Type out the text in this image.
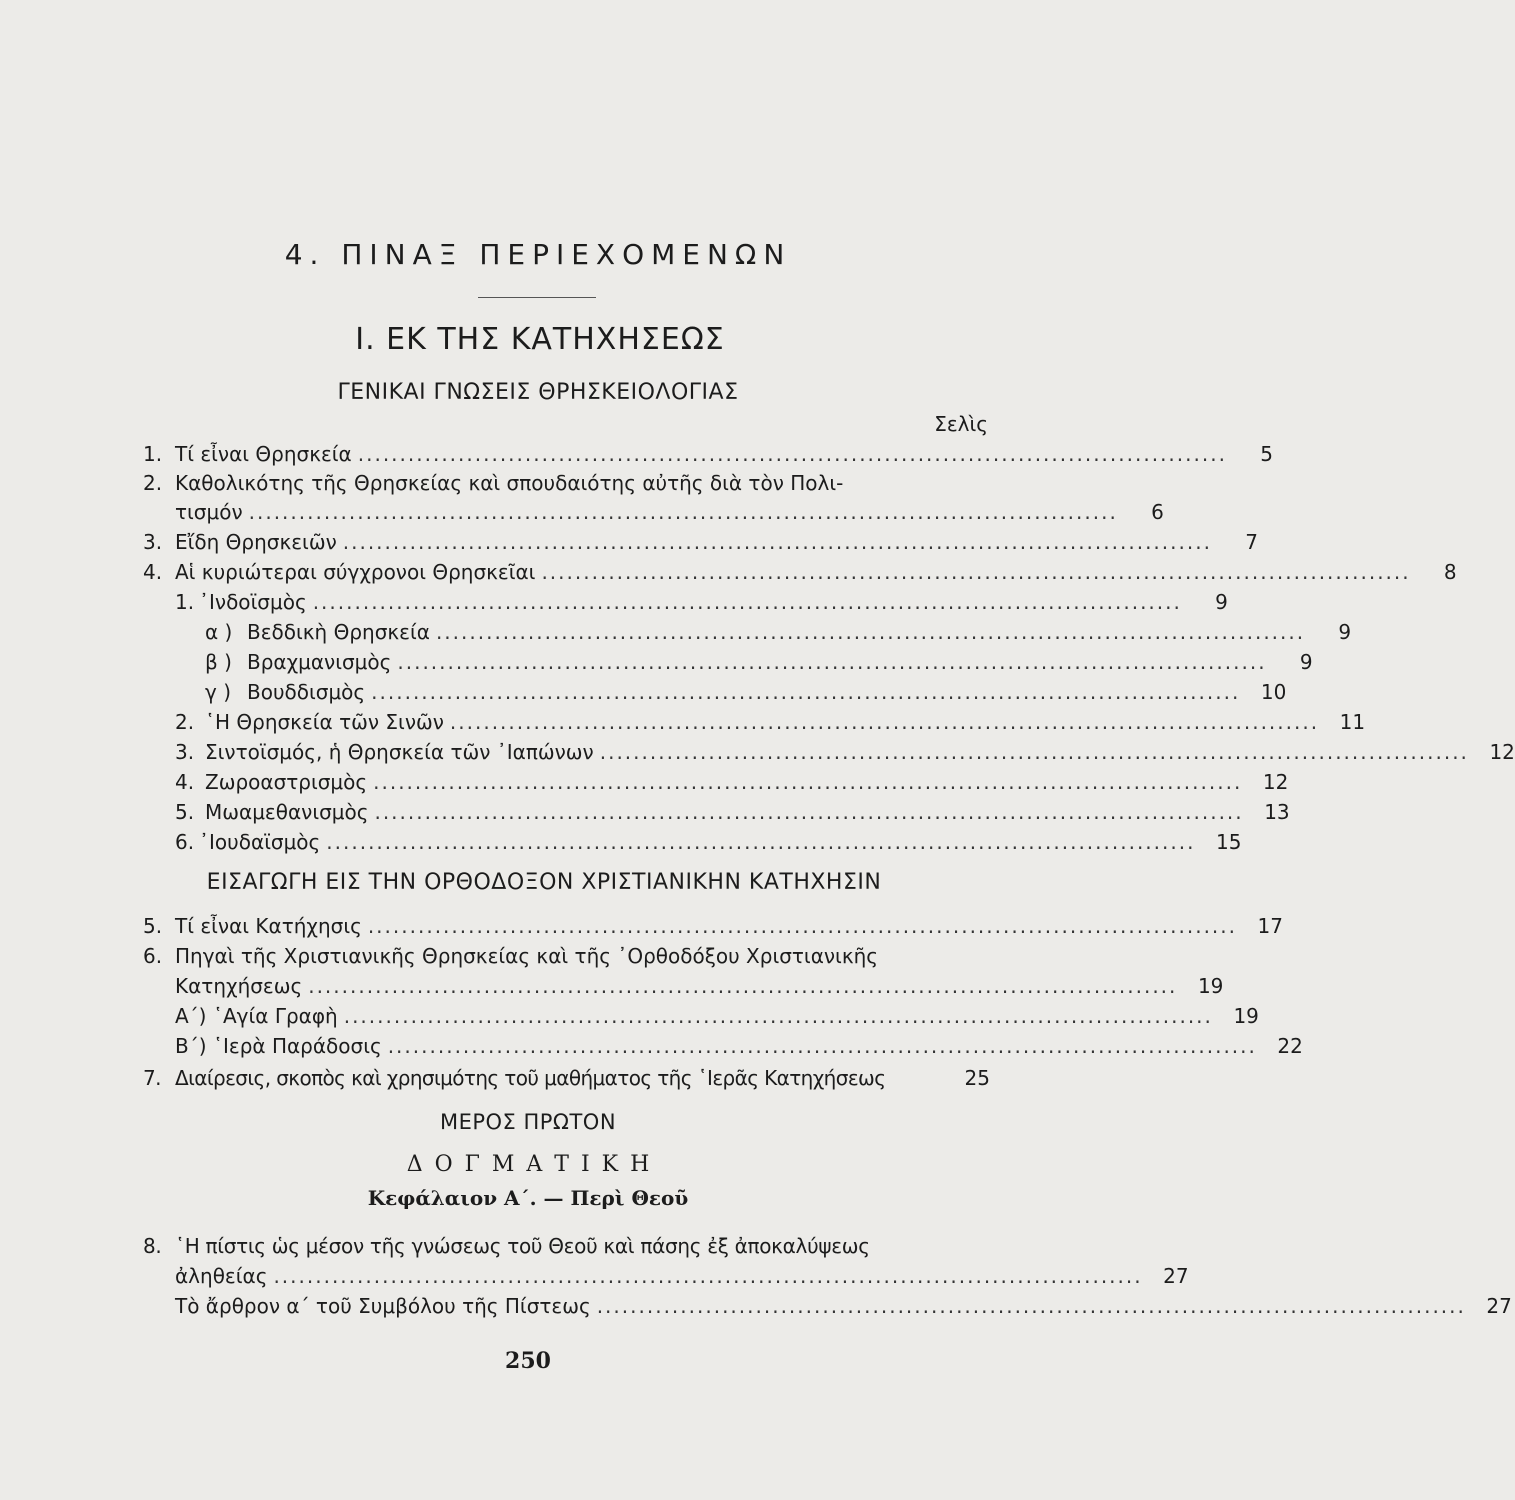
4. ΠΙΝΑΞ ΠΕΡΙΕΧΟΜΕΝΩΝ
Ι. ΕΚ ΤΗΣ ΚΑΤΗΧΗΣΕΩΣ
ΓΕΝΙΚΑΙ ΓΝΩΣΕΙΣ ΘΡΗΣΚΕΙΟΛΟΓΙΑΣ
Σελὶς
1. Τί εἶναι Θρησκεία ........................................................................................................	5
2. Καθολικότης τῆς Θρησκείας καὶ σπουδαιότης αὐτῆς διὰ τὸν Πολι-
τισμόν ........................................................................................................	6
3. Εἴδη Θρησκειῶν ........................................................................................................	7
4. Αἱ κυριώτεραι σύγχρονοι Θρησκεῖαι ........................................................................................................	8
1. ᾿Ινδοϊσμὸς ........................................................................................................	9
α ) Βεδδικὴ Θρησκεία ........................................................................................................	9
β ) Βραχμανισμὸς ........................................................................................................	9
γ ) Βουδδισμὸς ........................................................................................................	10
2. ῾Η Θρησκεία τῶν Σινῶν ........................................................................................................	11
3. Σιντοϊσμός, ἡ Θρησκεία τῶν ᾿Ιαπώνων ........................................................................................................	12
4. Ζωροαστρισμὸς ........................................................................................................	12
5. Μωαμεθανισμὸς ........................................................................................................	13
6. ᾿Ιουδαϊσμὸς ........................................................................................................	15
ΕΙΣΑΓΩΓΗ ΕΙΣ ΤΗΝ ΟΡΘΟΔΟΞΟΝ ΧΡΙΣΤΙΑΝΙΚΗΝ ΚΑΤΗΧΗΣΙΝ
5. Τί εἶναι Κατήχησις ........................................................................................................	17
6. Πηγαὶ τῆς Χριστιανικῆς Θρησκείας καὶ τῆς ᾿Ορθοδόξου Χριστιανικῆς
Κατηχήσεως ........................................................................................................	19
Α΄) ῾Αγία Γραφὴ ........................................................................................................	19
Β΄) ῾Ιερὰ Παράδοσις ........................................................................................................	22
7. Διαίρεσις, σκοπὸς καὶ χρησιμότης τοῦ μαθήματος τῆς ῾Ιερᾶς Κατηχήσεως	25
ΜΕΡΟΣ ΠΡΩΤΟΝ
ΔΟΓΜΑΤΙΚΗ
Κεφάλαιον Α΄. — Περὶ Θεοῦ
8. ῾Η πίστις ὡς μέσον τῆς γνώσεως τοῦ Θεοῦ καὶ πάσης ἐξ ἀποκαλύψεως
ἀληθείας ........................................................................................................	27
Τὸ ἄρθρον α΄ τοῦ Συμβόλου τῆς Πίστεως ........................................................................................................	27
250
